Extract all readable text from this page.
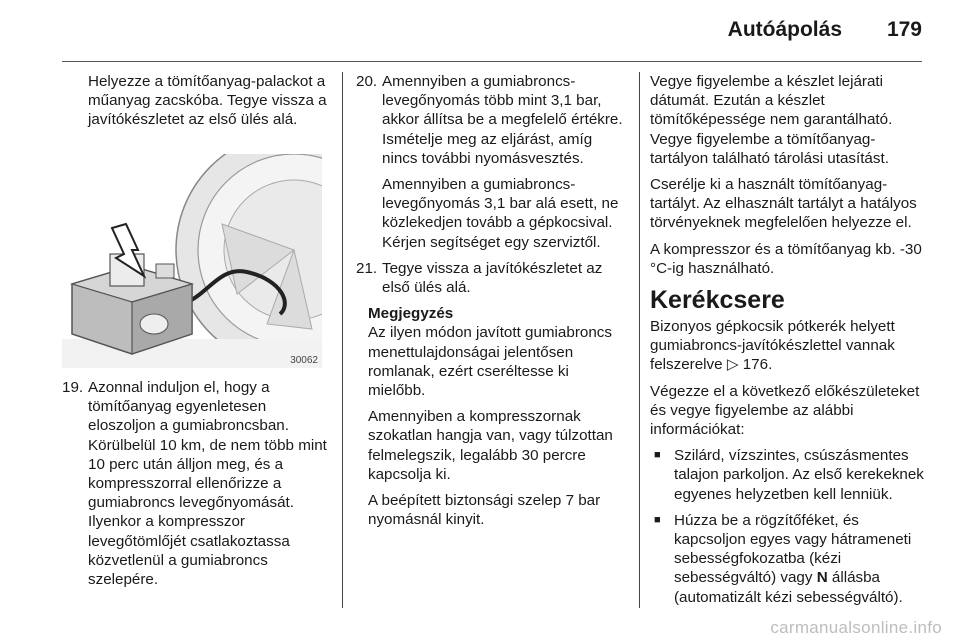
Autóápolás 179

Helyezze a tömítőanyag-palackot a műanyag zacskóba. Tegye vissza a javítókészletet az első ülés alá.

30062
19. Azonnal induljon el, hogy a tömítőanyag egyenletesen eloszoljon a gumiabroncsban. Körülbelül 10 km, de nem több mint 10 perc után álljon meg, és a kompresszorral ellenőrizze a gumiabroncs levegőnyomását. Ilyenkor a kompresszor levegőtömlőjét csatlakoztassa közvetlenül a gumiabroncs szelepére.
20. Amennyiben a gumiabroncs-levegőnyomás több mint 3,1 bar, akkor állítsa be a megfelelő értékre. Ismételje meg az eljárást, amíg nincs további nyomásvesztés.

Amennyiben a gumiabroncs-levegőnyomás 3,1 bar alá esett, ne közlekedjen tovább a gépkocsival. Kérjen segítséget egy szerviztől.

21. Tegye vissza a javítókészletet az első ülés alá.

Megjegyzés

Az ilyen módon javított gumiabroncs menettulajdonságai jelentősen romlanak, ezért cseréltesse ki mielőbb.

Amennyiben a kompresszornak szokatlan hangja van, vagy túlzottan felmelegszik, legalább 30 percre kapcsolja ki.

A beépített biztonsági szelep 7 bar nyomásnál kinyit.

Vegye figyelembe a készlet lejárati dátumát. Ezután a készlet tömítőképessége nem garantálható. Vegye figyelembe a tömítőanyag-tartályon található tárolási utasítást.

Cserélje ki a használt tömítőanyag-tartályt. Az elhasznált tartályt a hatályos törvényeknek megfelelően helyezze el.

A kompresszor és a tömítőanyag kb. -30 °C-ig használható.

Kerékcsere

Bizonyos gépkocsik pótkerék helyett gumiabroncs-javítókészlettel vannak felszerelve ▷ 176.

Végezze el a következő előkészületeket és vegye figyelembe az alábbi információkat:

■ Szilárd, vízszintes, csúszásmentes talajon parkoljon. Az első kerekeknek egyenes helyzetben kell lenniük.
■ Húzza be a rögzítőféket, és kapcsoljon egyes vagy hátrameneti sebességfokozatba (kézi sebességváltó) vagy N állásba (automatizált kézi sebességváltó).
carmanualsonline.info
